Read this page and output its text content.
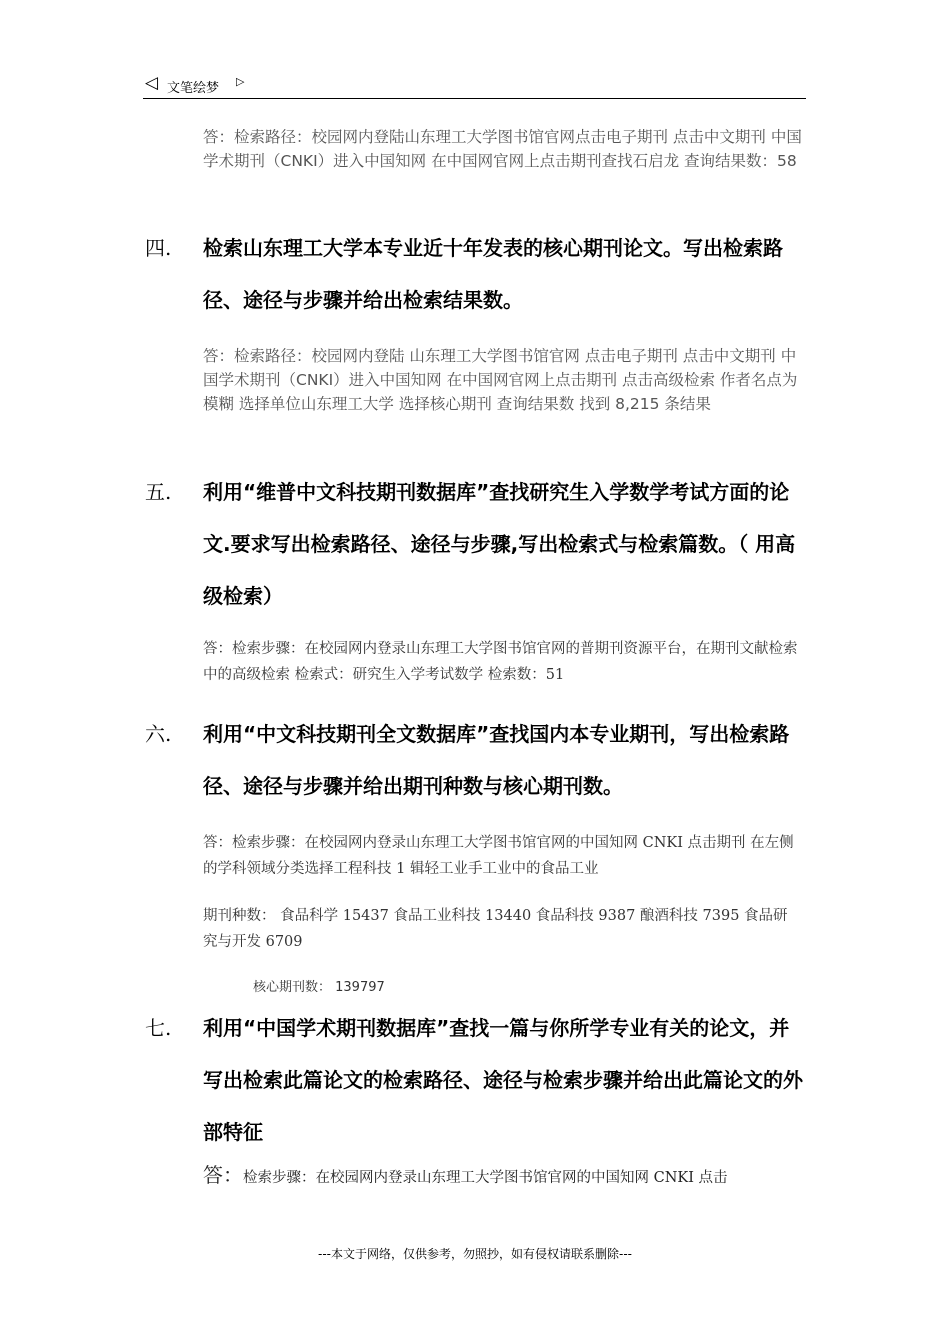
◁ 文笔绘梦 ▷
答：检索路径：校园网内登陆山东理工大学图书馆官网点击电子期刊 点击中文期刊 中国学术期刊（CNKI）进入中国知网 在中国网官网上点击期刊查找石启龙 查询结果数：58
四. 检索山东理工大学本专业近十年发表的核心期刊论文。写出检索路径、途径与步骤并给出检索结果数。
答：检索路径：校园网内登陆 山东理工大学图书馆官网 点击电子期刊 点击中文期刊 中国学术期刊（CNKI）进入中国知网 在中国网官网上点击期刊 点击高级检索 作者名点为模糊 选择单位山东理工大学 选择核心期刊 查询结果数 找到 8,215 条结果
五. 利用“维普中文科技期刊数据库”查找研究生入学数学考试方面的论文.要求写出检索路径、途径与步骤,写出检索式与检索篇数。（ 用高级检索）
答：检索步骤：在校园网内登录山东理工大学图书馆官网的普期刊资源平台，在期刊文献检索中的高级检索 检索式：研究生入学考试数学 检索数：51
六. 利用“中文科技期刊全文数据库”查找国内本专业期刊，写出检索路径、途径与步骤并给出期刊种数与核心期刊数。
答：检索步骤：在校园网内登录山东理工大学图书馆官网的中国知网 CNKI 点击期刊 在左侧的学科领域分类选择工程科技 1 辑轻工业手工业中的食品工业
期刊种数： 食品科学 15437 食品工业科技 13440 食品科技 9387 酿酒科技 7395 食品研究与开发 6709
核心期刊数： 139797
七. 利用“中国学术期刊数据库”查找一篇与你所学专业有关的论文，并写出检索此篇论文的检索路径、途径与检索步骤并给出此篇论文的外部特征
答：检索步骤：在校园网内登录山东理工大学图书馆官网的中国知网 CNKI 点击
---本文于网络，仅供参考，勿照抄，如有侵权请联系删除---
